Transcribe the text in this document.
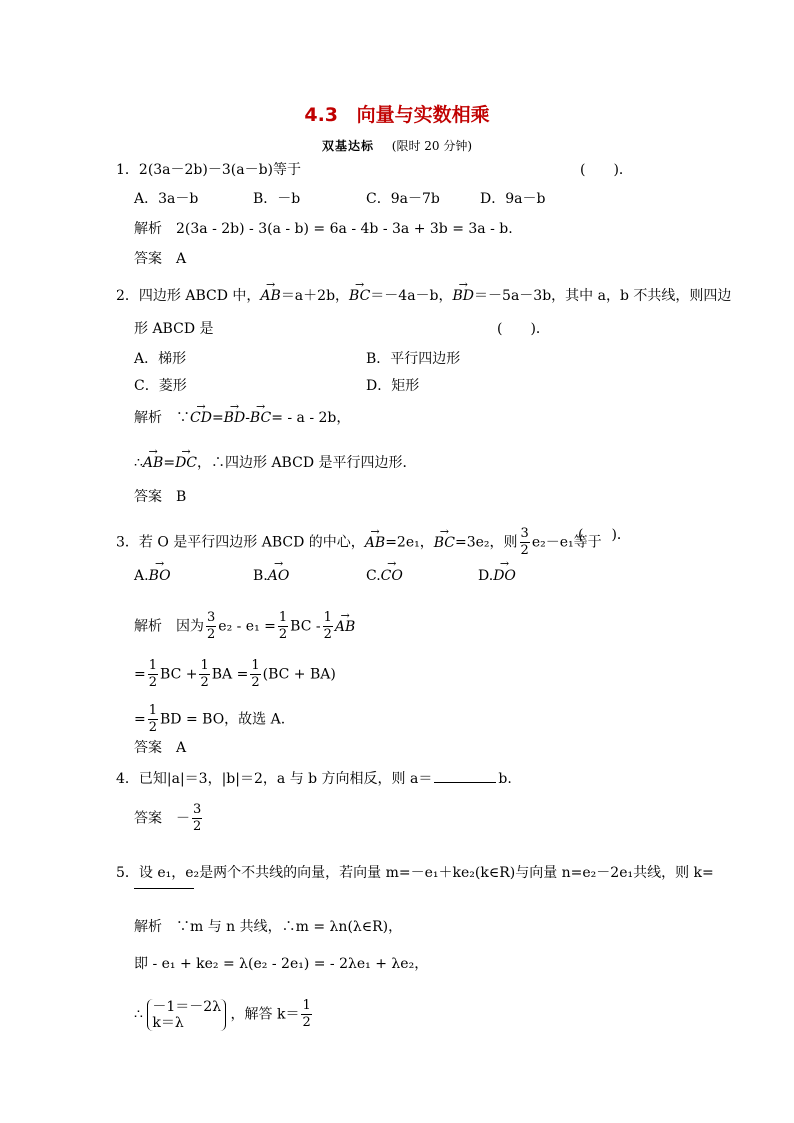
4.3 向量与实数相乘
双基达标 (限时 20 分钟)
1．2(3a－2b)－3(a－b)等于	(　　)．
A．3a－b	B．－b	C．9a－7b	D．9a－b
解析　2(3a - 2b) - 3(a - b) = 6a - 4b - 3a + 3b = 3a - b.
答案　A
2．四边形 ABCD 中，→ AB＝a＋2b，→ BC＝－4a－b，→ BD＝－5a－3b，其中 a，b 不共线，则四边
形 ABCD 是	(　　)．
A．梯形	B．平行四边形
C．菱形	D．矩形
解析　∵→ CD=→ BD-→ BC= - a - 2b，
∴→ AB=→ DC，∴四边形 ABCD 是平行四边形．
答案　B
3．若 O 是平行四边形 ABCD 的中心，→ AB=2e₁，→ BC=3e₂，则 $\frac{3}{2} e_2-e_1$等于
(　　)．
A.→ BO	B.→ AO	C.→ CO	D.→ DO
解析　因为 $\frac{3}{2} e_2 - e_1 = \frac{1}{2}$ BC - $\frac{1}{2}$
→ AB
= $\frac{1}{2}$ BC + $\frac{1}{2}$ BA = $\frac{1}{2} (BC + BA)$
= $\frac{1}{2}$ BD = BO，故选 A.
答案　A
4．已知|a|＝3，|b|＝2，a 与 b 方向相反，则 a＝	b.
答案　－ $\frac{3}{2}$
5．设 e₁，e₂是两个不共线的向量，若向量 m=－e₁＋ke₂(k∈R)与向量 n=e₂－2e₁共线，则 k=
解析　∵m 与 n 共线，∴m = λn(λ∈R)，
即 - e₁ + ke₂ = λ(e₂ - 2e₁) = - 2λe₁ + λe₂，
∴ －1＝－2λ
k＝λ	，解答 $k= \frac{1}{2}$
